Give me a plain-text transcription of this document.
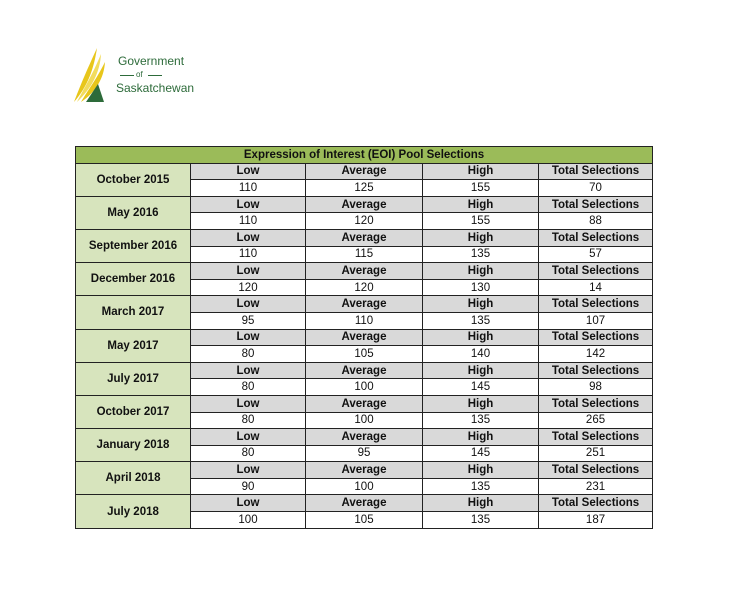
Government
of
Saskatchewan
Expression of Interest (EOI) Pool Selections				
October 2015	Low	Average	High	Total Selections
	110	125	155	70
May 2016	Low	Average	High	Total Selections
	110	120	155	88
September 2016	Low	Average	High	Total Selections
	110	115	135	57
December 2016	Low	Average	High	Total Selections
	120	120	130	14
March 2017	Low	Average	High	Total Selections
	95	110	135	107
May 2017	Low	Average	High	Total Selections
	80	105	140	142
July 2017	Low	Average	High	Total Selections
	80	100	145	98
October 2017	Low	Average	High	Total Selections
	80	100	135	265
January 2018	Low	Average	High	Total Selections
	80	95	145	251
April 2018	Low	Average	High	Total Selections
	90	100	135	231
July 2018	Low	Average	High	Total Selections
	100	105	135	187
